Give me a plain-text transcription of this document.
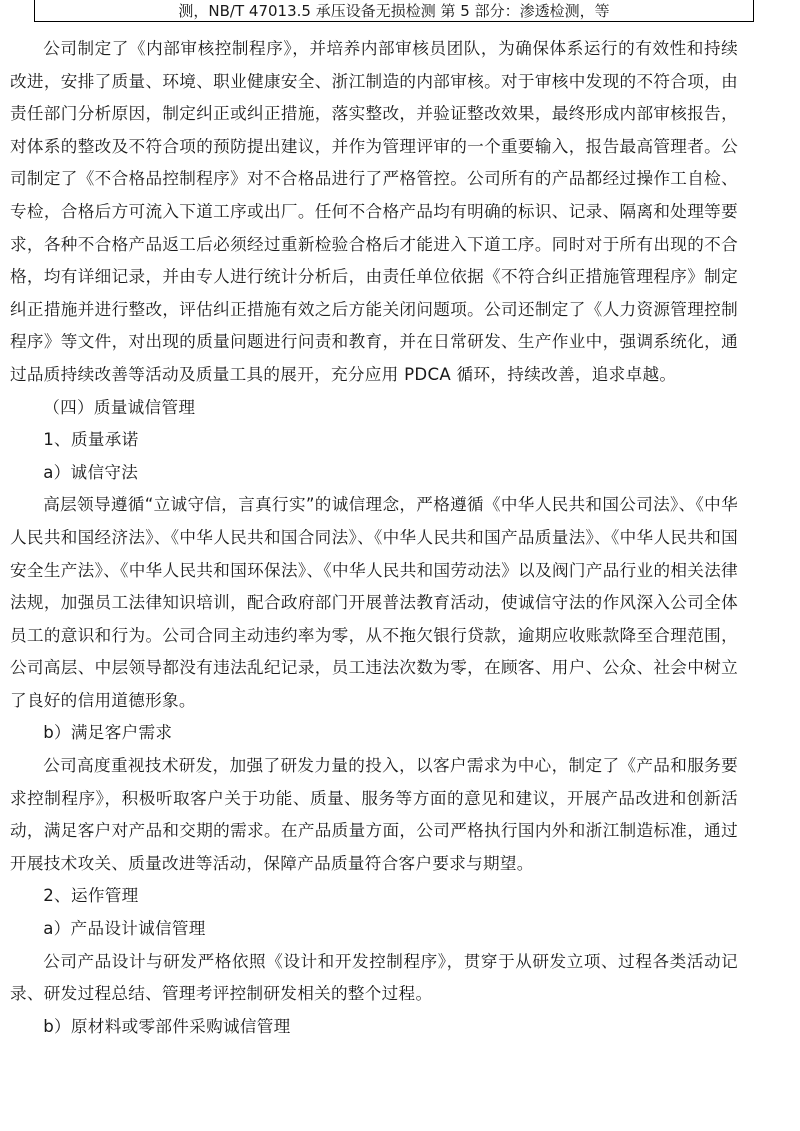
测，NB/T 47013.5 承压设备无损检测 第 5 部分：渗透检测，等

公司制定了《内部审核控制程序》，并培养内部审核员团队，为确保体系运行的有效性和持续改进，安排了质量、环境、职业健康安全、浙江制造的内部审核。对于审核中发现的不符合项，由责任部门分析原因，制定纠正或纠正措施，落实整改，并验证整改效果，最终形成内部审核报告，对体系的整改及不符合项的预防提出建议，并作为管理评审的一个重要输入，报告最高管理者。公司制定了《不合格品控制程序》对不合格品进行了严格管控。公司所有的产品都经过操作工自检、专检，合格后方可流入下道工序或出厂。任何不合格产品均有明确的标识、记录、隔离和处理等要求，各种不合格产品返工后必须经过重新检验合格后才能进入下道工序。同时对于所有出现的不合格，均有详细记录，并由专人进行统计分析后，由责任单位依据《不符合纠正措施管理程序》制定纠正措施并进行整改，评估纠正措施有效之后方能关闭问题项。公司还制定了《人力资源管理控制程序》等文件，对出现的质量问题进行问责和教育，并在日常研发、生产作业中，强调系统化，通过品质持续改善等活动及质量工具的展开，充分应用 PDCA 循环，持续改善，追求卓越。

（四）质量诚信管理

1、质量承诺

a）诚信守法

高层领导遵循“立诚守信，言真行实”的诚信理念，严格遵循《中华人民共和国公司法》、《中华人民共和国经济法》、《中华人民共和国合同法》、《中华人民共和国产品质量法》、《中华人民共和国安全生产法》、《中华人民共和国环保法》、《中华人民共和国劳动法》以及阀门产品行业的相关法律法规，加强员工法律知识培训，配合政府部门开展普法教育活动，使诚信守法的作风深入公司全体员工的意识和行为。公司合同主动违约率为零，从不拖欠银行贷款，逾期应收账款降至合理范围，公司高层、中层领导都没有违法乱纪记录，员工违法次数为零，在顾客、用户、公众、社会中树立了良好的信用道德形象。

b）满足客户需求

公司高度重视技术研发，加强了研发力量的投入，以客户需求为中心，制定了《产品和服务要求控制程序》，积极听取客户关于功能、质量、服务等方面的意见和建议，开展产品改进和创新活动，满足客户对产品和交期的需求。在产品质量方面，公司严格执行国内外和浙江制造标准，通过开展技术攻关、质量改进等活动，保障产品质量符合客户要求与期望。

2、运作管理

a）产品设计诚信管理

公司产品设计与研发严格依照《设计和开发控制程序》，贯穿于从研发立项、过程各类活动记录、研发过程总结、管理考评控制研发相关的整个过程。

b）原材料或零部件采购诚信管理
